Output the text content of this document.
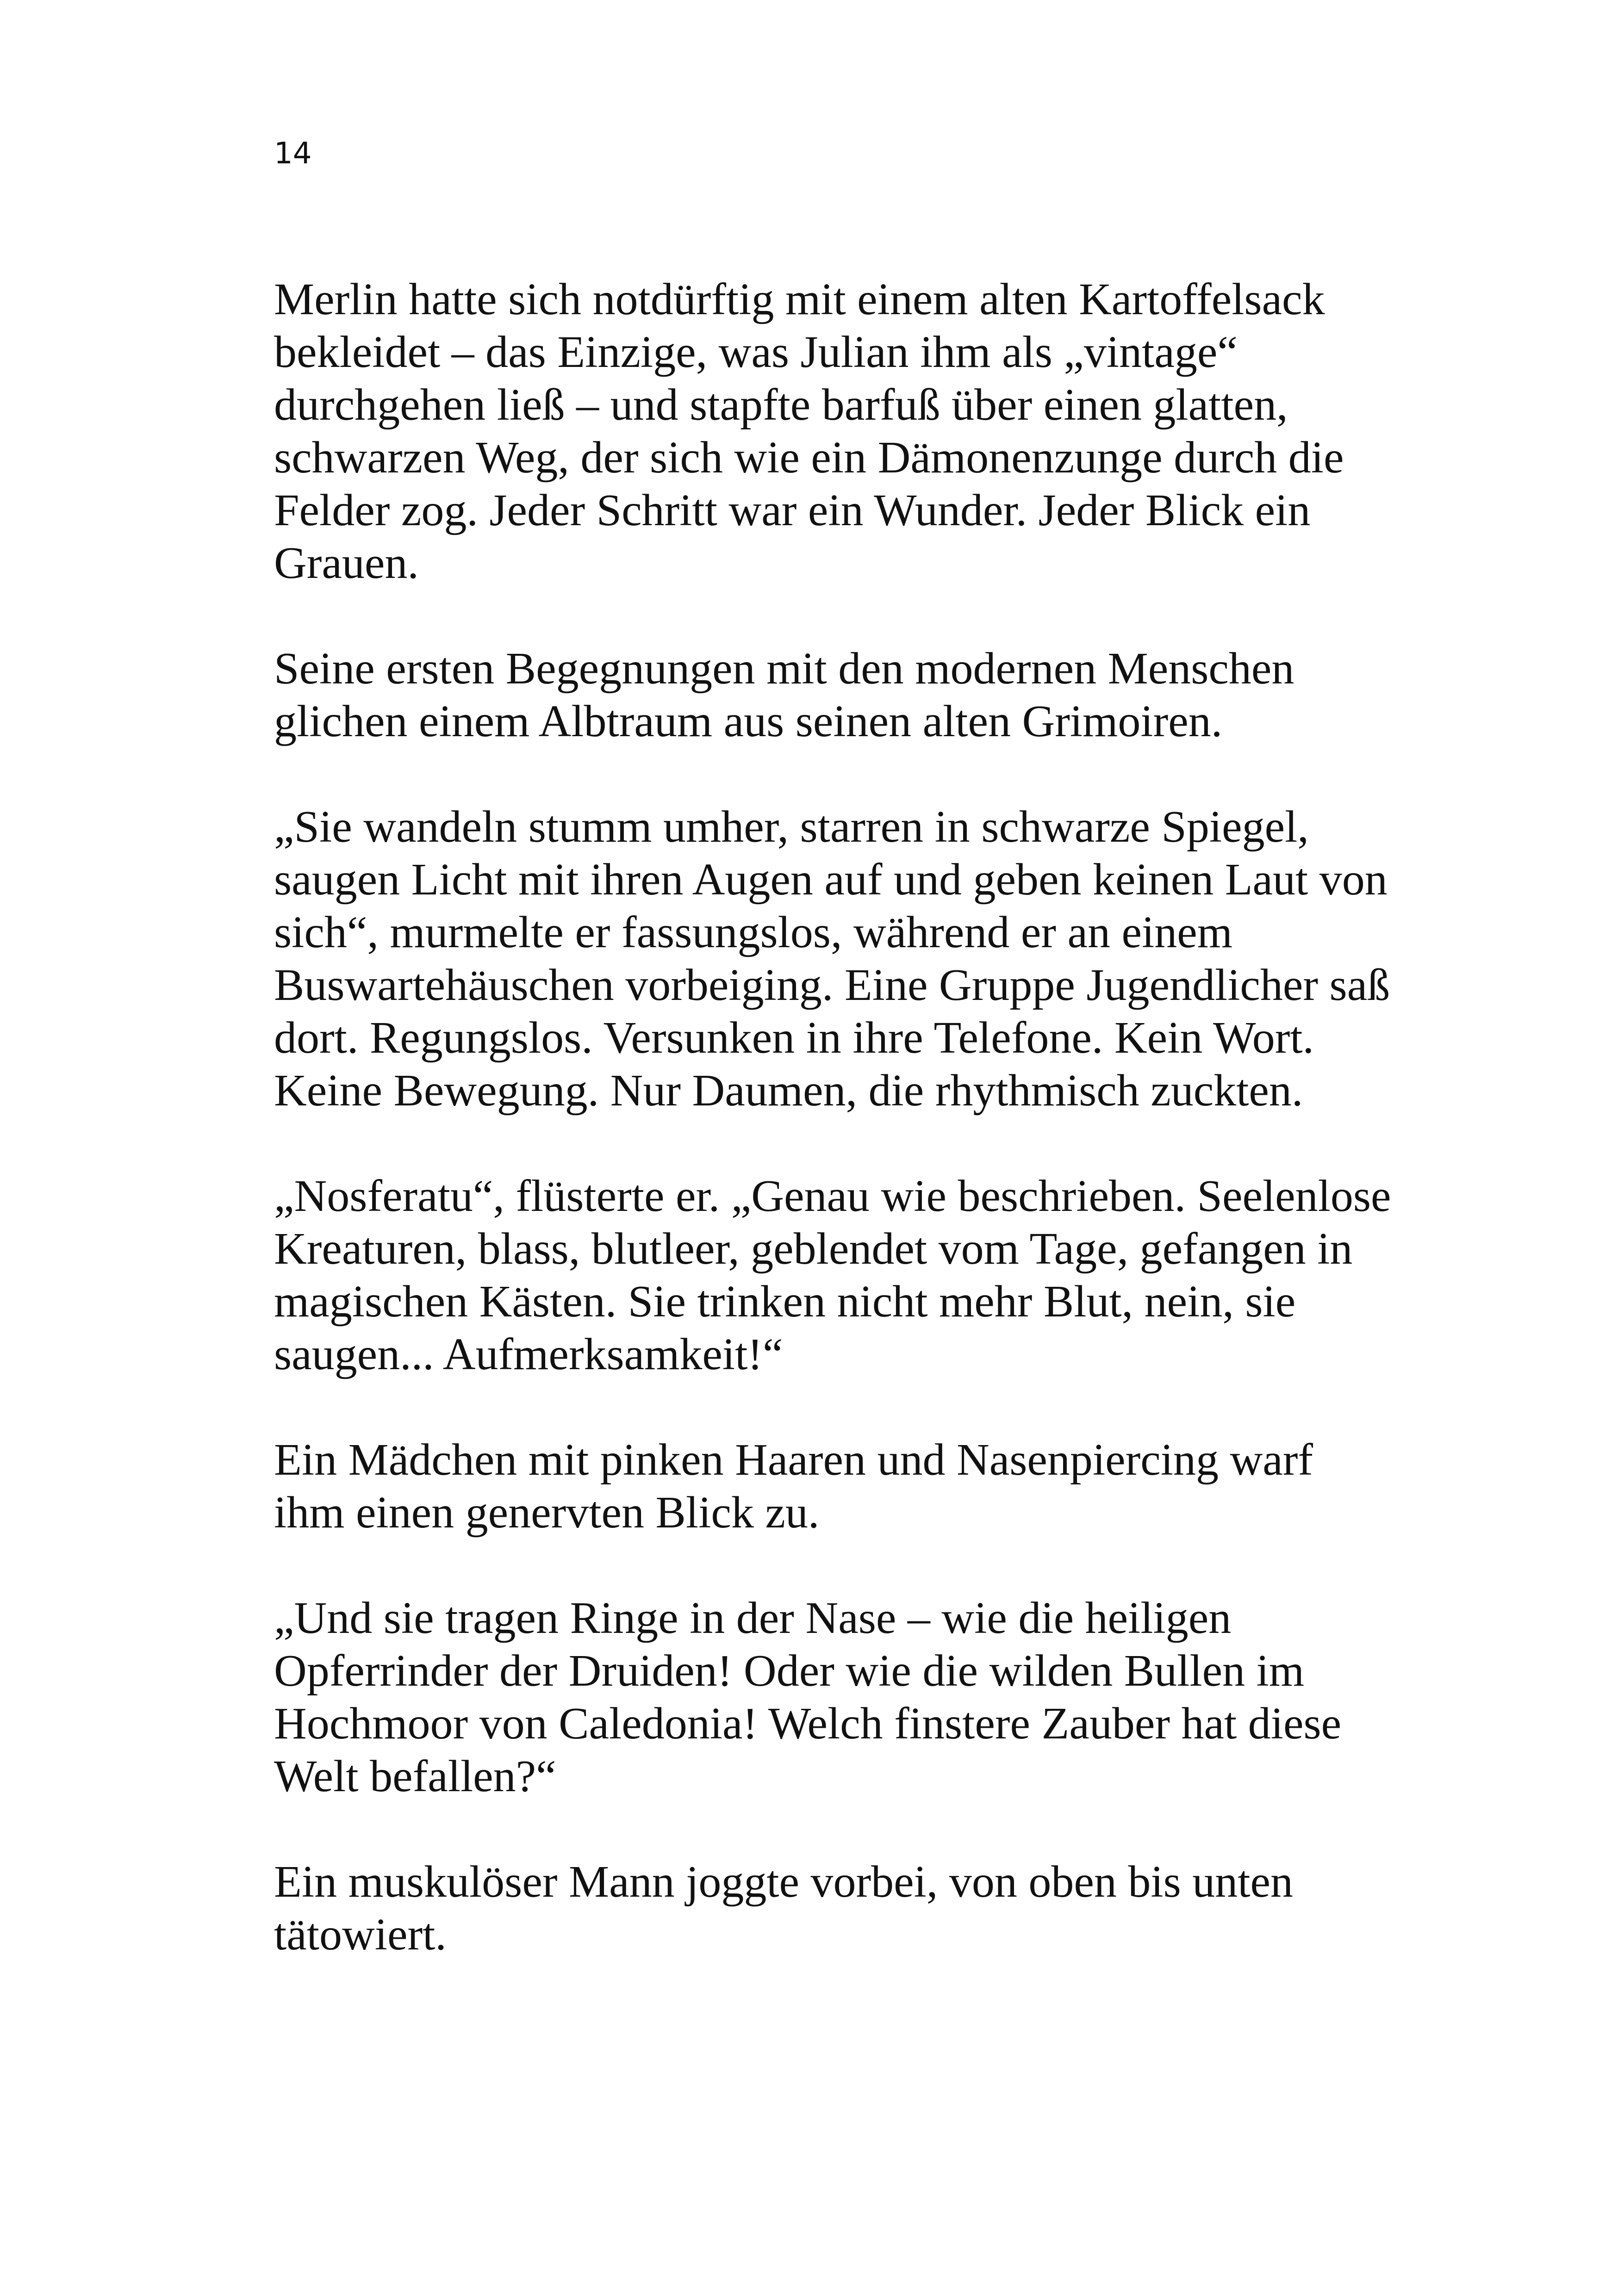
14

Merlin hatte sich notdürftig mit einem alten Kartoffelsack bekleidet – das Einzige, was Julian ihm als „vintage“ durchgehen ließ – und stapfte barfuß über einen glatten, schwarzen Weg, der sich wie ein Dämonenzunge durch die Felder zog. Jeder Schritt war ein Wunder. Jeder Blick ein Grauen.

Seine ersten Begegnungen mit den modernen Menschen glichen einem Albtraum aus seinen alten Grimoiren.

„Sie wandeln stumm umher, starren in schwarze Spiegel, saugen Licht mit ihren Augen auf und geben keinen Laut von sich“, murmelte er fassungslos, während er an einem Buswartehäuschen vorbeiging. Eine Gruppe Jugendlicher saß dort. Regungslos. Versunken in ihre Telefone. Kein Wort. Keine Bewegung. Nur Daumen, die rhythmisch zuckten.

„Nosferatu“, flüsterte er. „Genau wie beschrieben. Seelenlose Kreaturen, blass, blutleer, geblendet vom Tage, gefangen in magischen Kästen. Sie trinken nicht mehr Blut, nein, sie saugen... Aufmerksamkeit!“

Ein Mädchen mit pinken Haaren und Nasenpiercing warf ihm einen genervten Blick zu.

„Und sie tragen Ringe in der Nase – wie die heiligen Opferrinder der Druiden! Oder wie die wilden Bullen im Hochmoor von Caledonia! Welch finstere Zauber hat diese Welt befallen?“

Ein muskulöser Mann joggte vorbei, von oben bis unten tätowiert.
